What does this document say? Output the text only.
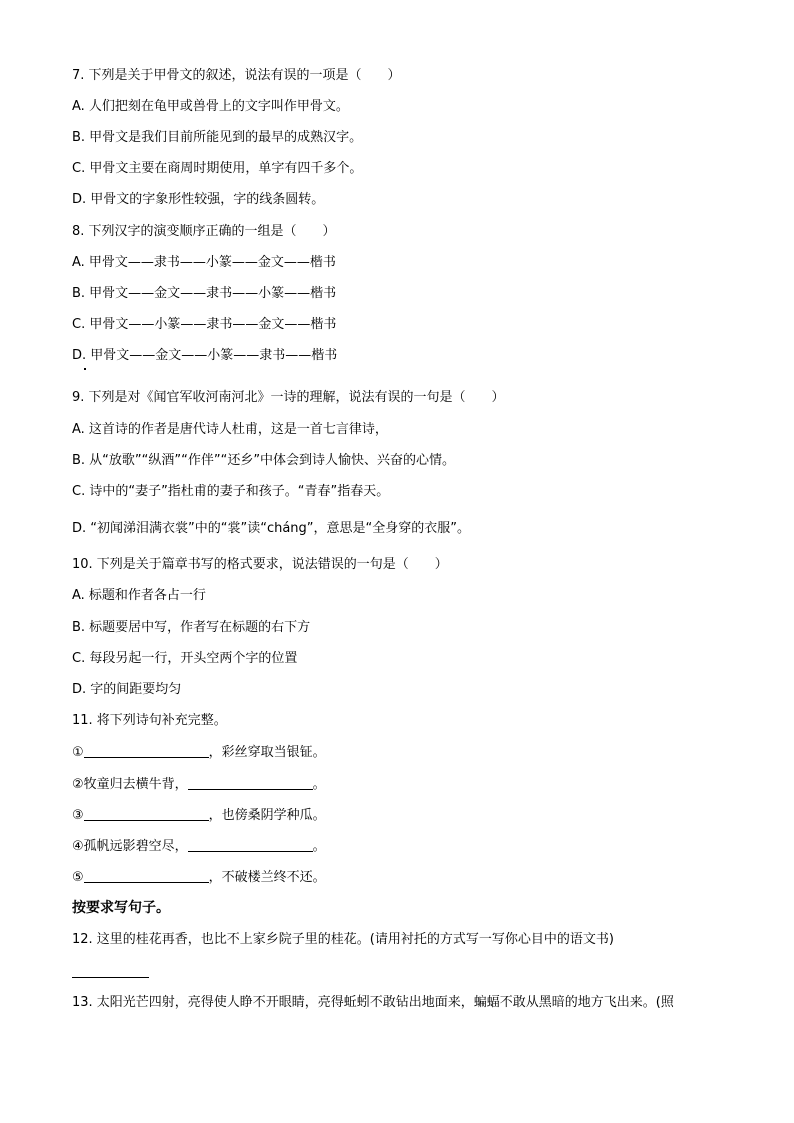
7. 下列是关于甲骨文的叙述，说法有误的一项是（　　）
A. 人们把刻在龟甲或兽骨上的文字叫作甲骨文。
B. 甲骨文是我们目前所能见到的最早的成熟汉字。
C. 甲骨文主要在商周时期使用，单字有四千多个。
D. 甲骨文的字象形性较强，字的线条圆转。
8. 下列汉字的演变顺序正确的一组是（　　）
A. 甲骨文——隶书——小篆——金文——楷书
B. 甲骨文——金文——隶书——小篆——楷书
C. 甲骨文——小篆——隶书——金文——楷书
D. 甲骨文——金文——小篆——隶书——楷书
9. 下列是对《闻官军收河南河北》一诗的理解，说法有误的一句是（　　）
A. 这首诗的作者是唐代诗人杜甫，这是一首七言律诗，
B. 从“放歌”“纵酒”“作伴”“还乡”中体会到诗人愉快、兴奋的心情。
C. 诗中的“妻子”指杜甫的妻子和孩子。“青春”指春天。
D. “初闻涕泪满衣裳”中的“裳”读“cháng”，意思是“全身穿的衣服”。
10. 下列是关于篇章书写的格式要求，说法错误的一句是（　　）
A. 标题和作者各占一行
B. 标题要居中写，作者写在标题的右下方
C. 每段另起一行，开头空两个字的位置
D. 字的间距要均匀
11. 将下列诗句补充完整。
①	，彩丝穿取当银钲。
②牧童归去横牛背，	。
③	，也傍桑阴学种瓜。
④孤帆远影碧空尽，	。
⑤	，不破楼兰终不还。
按要求写句子。
12. 这里的桂花再香，也比不上家乡院子里的桂花。(请用衬托的方式写一写你心目中的语文书)
13. 太阳光芒四射，亮得使人睁不开眼睛，亮得蚯蚓不敢钻出地面来，蝙蝠不敢从黑暗的地方飞出来。(照
